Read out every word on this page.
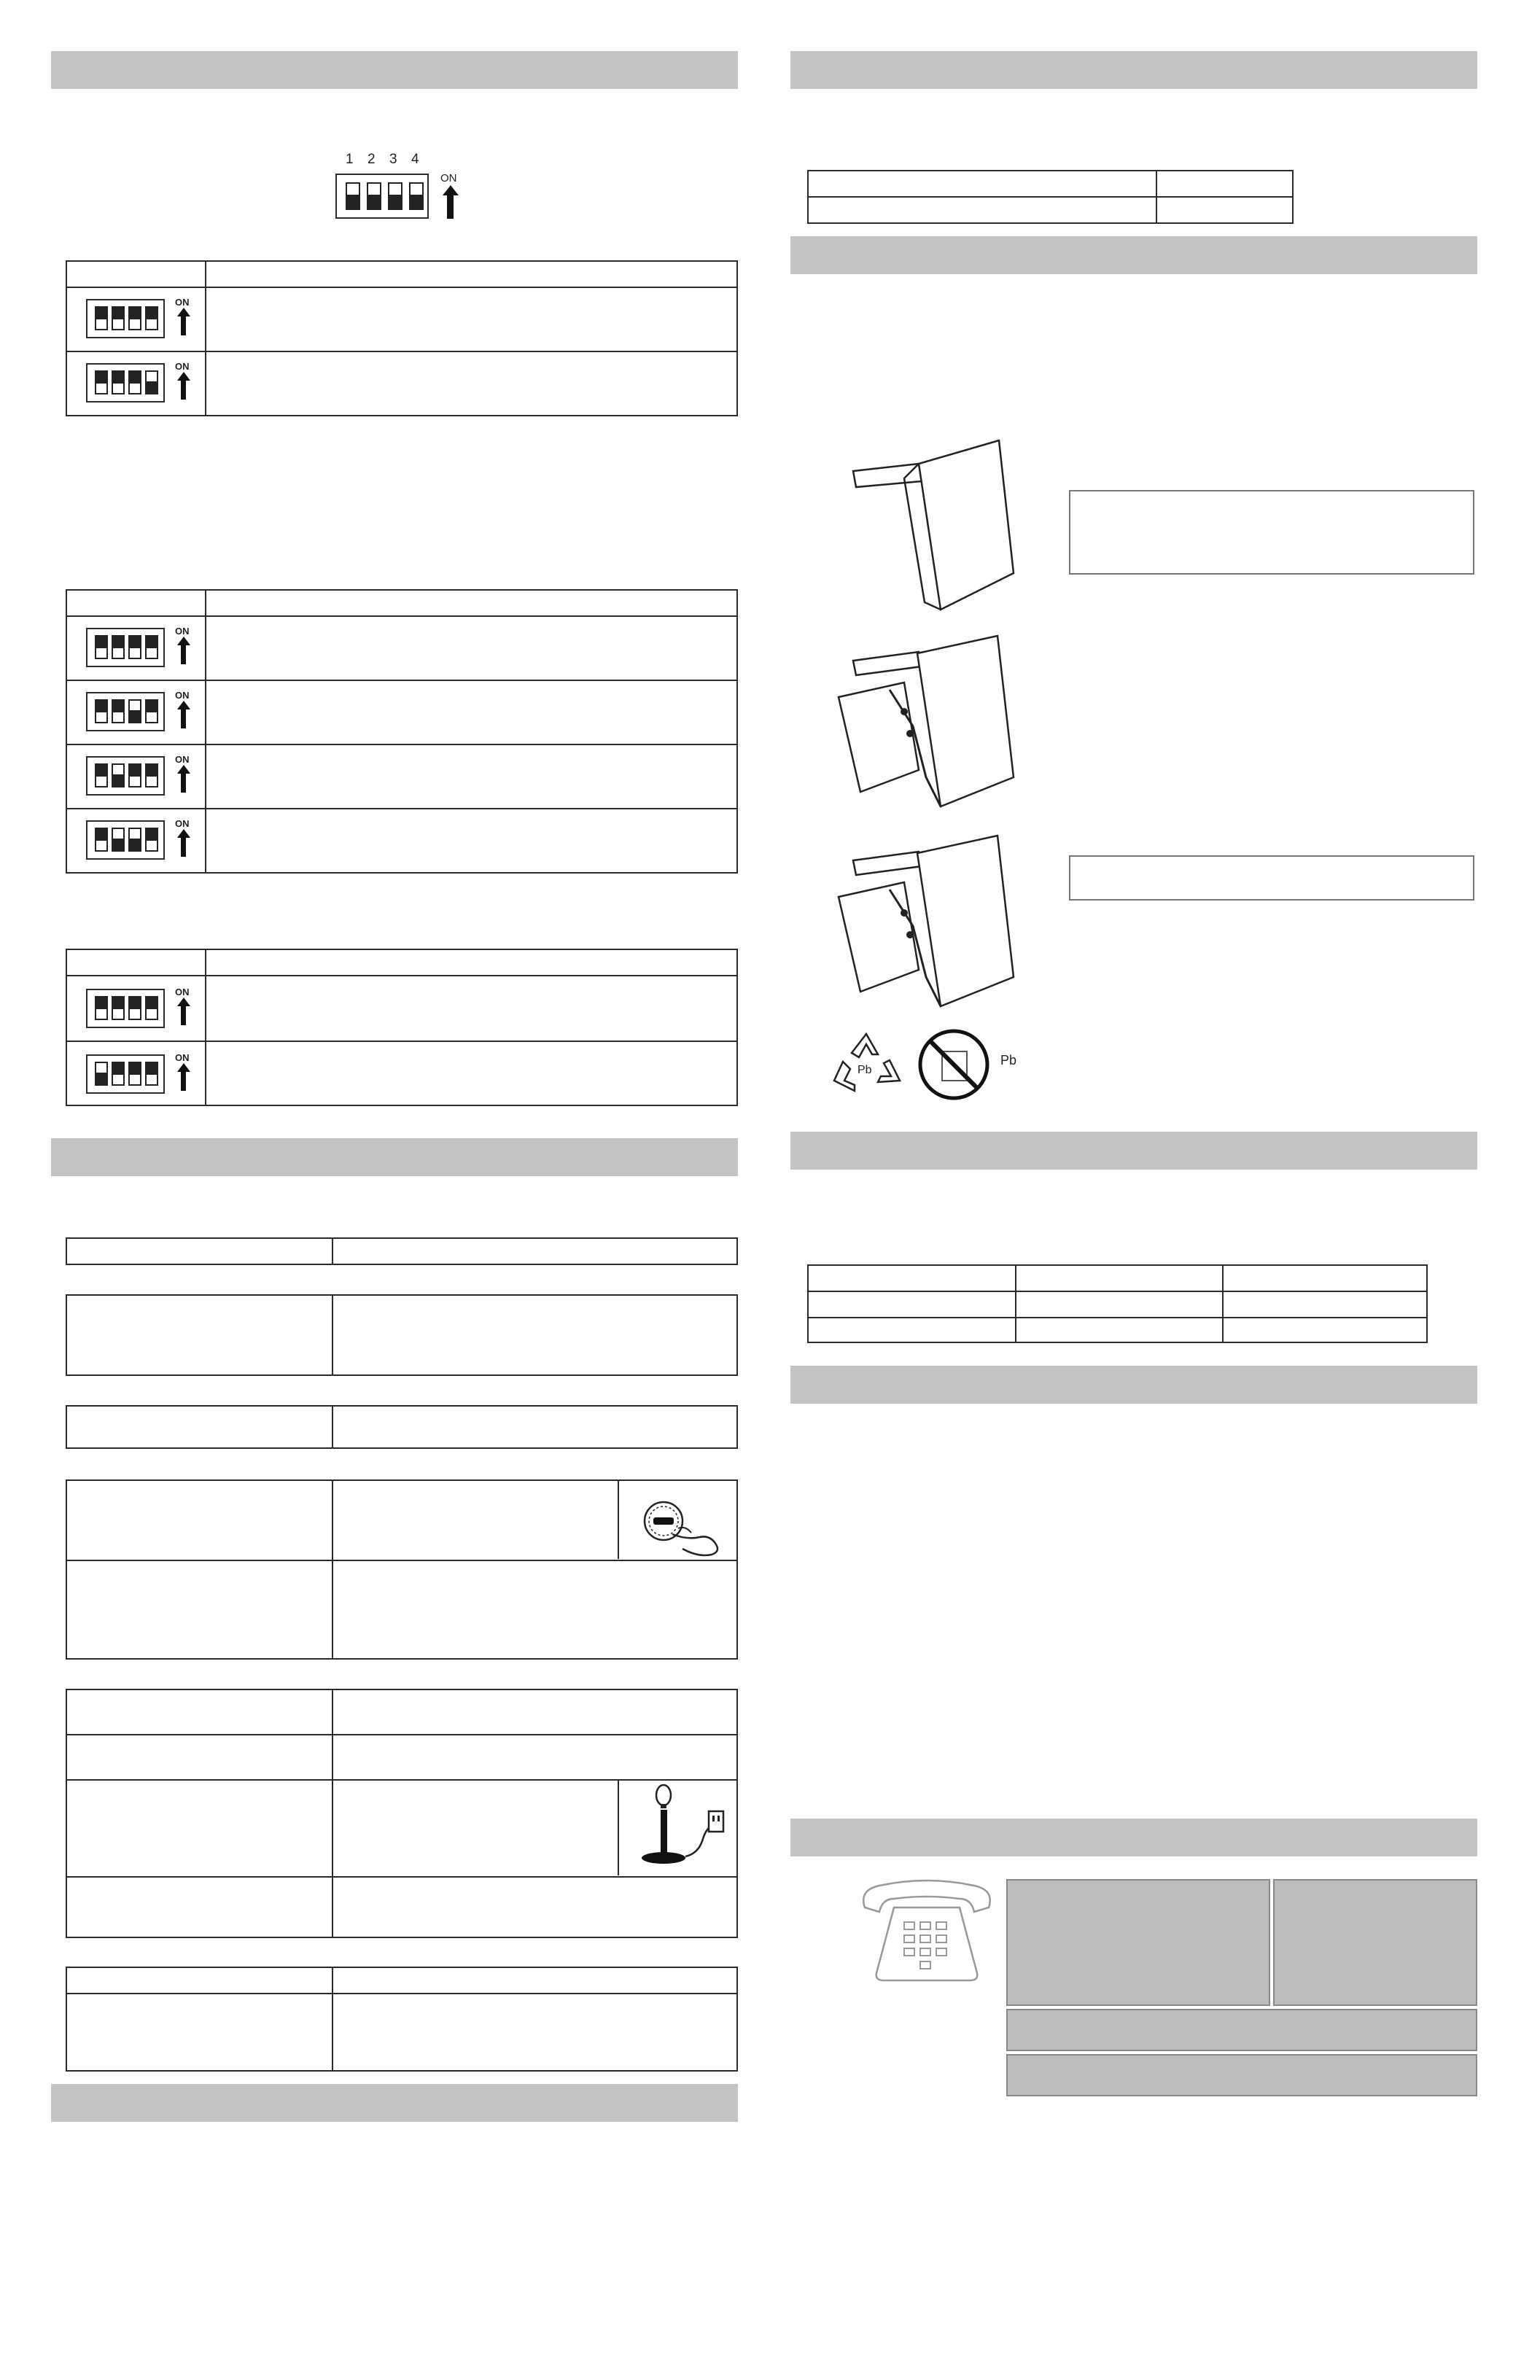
1 2 3 4
ON
ON
ON
ON
ON
ON
ON
ON
ON
Pb
Pb
